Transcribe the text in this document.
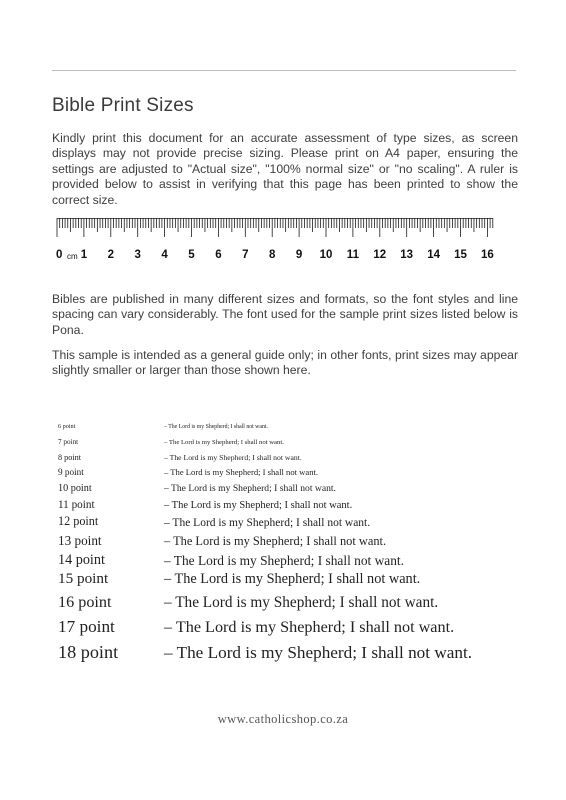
Bible Print Sizes

Kindly print this document for an accurate assessment of type sizes, as screen displays may not provide precise sizing. Please print on A4 paper, ensuring the settings are adjusted to "Actual size", "100% normal size" or "no scaling". A ruler is provided below to assist in verifying that this page has been printed to show the correct size.

0 cm 1 2 3 4 5 6 7 8 9 10 11 12 13 14 15 16

Bibles are published in many different sizes and formats, so the font styles and line spacing can vary considerably. The font used for the sample print sizes listed below is Pona.

This sample is intended as a general guide only; in other fonts, print sizes may appear slightly smaller or larger than those shown here.

6 point	– The Lord is my Shepherd; I shall not want.
7 point	– The Lord is my Shepherd; I shall not want.
8 point	– The Lord is my Shepherd; I shall not want.
9 point	– The Lord is my Shepherd; I shall not want.
10 point	– The Lord is my Shepherd; I shall not want.
11 point	– The Lord is my Shepherd; I shall not want.
12 point	– The Lord is my Shepherd; I shall not want.
13 point	– The Lord is my Shepherd; I shall not want.
14 point	– The Lord is my Shepherd; I shall not want.
15 point	– The Lord is my Shepherd; I shall not want.
16 point	– The Lord is my Shepherd; I shall not want.
17 point	– The Lord is my Shepherd; I shall not want.
18 point	– The Lord is my Shepherd; I shall not want.
www.catholicshop.co.za
